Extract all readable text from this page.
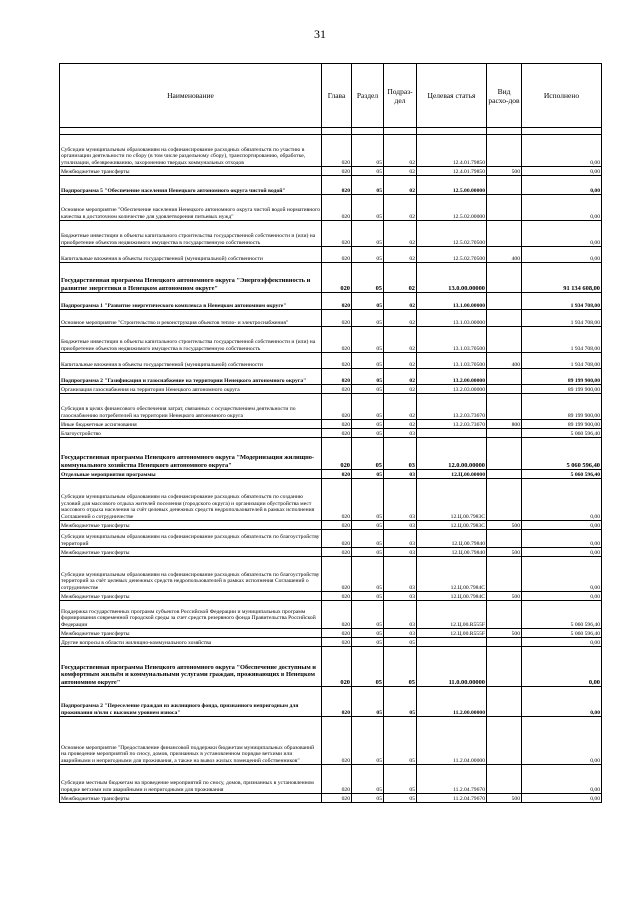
31
Наименование	Глава	Раздел	Подраз-дел	Целевая статья	Вид расхо-дов	Исполнено

Субсидии муниципальным образованиям на софинансирование расходных обязательств по участию в организации деятельности по сбору (в том числе раздельному сбору), транспортированию, обработке, утилизации, обезвреживанию, захоронению твердых коммунальных отходов	020	05	02	12.4.01.79850		0,00
Межбюджетные трансферты	020	05	02	12.4.01.79850	500	0,00
Подпрограмма 5 "Обеспечение населения Ненецкого автономного округа чистой водой"	020	05	02	12.5.00.00000		0,00
Основное мероприятие "Обеспечение населения Ненецкого автономного округа чистой водой нормативного качества в достаточном количестве для удовлетворения питьевых нужд"	020	05	02	12.5.02.00000		0,00
Бюджетные инвестиции в объекты капитального строительства государственной собственности и (или) на приобретение объектов недвижимого имущества в государственную собственность	020	05	02	12.5.02.70500		0,00
Капитальные вложения в объекты государственной (муниципальной) собственности	020	05	02	12.5.02.70500	400	0,00
Государственная программа Ненецкого автономного округа "Энергоэффективность и развитие энергетики в Ненецком автономном округе"	020	05	02	13.0.00.00000		91 134 608,00
Подпрограмма 1 "Развитие энергетического комплекса в Ненецком автономном округе"	020	05	02	13.1.00.00000		1 934 708,00
Основное мероприятие "Строительство и реконструкция объектов тепло- и электроснабжения"	020	05	02	13.1.03.00000		1 934 708,00
Бюджетные инвестиции в объекты капитального строительства государственной собственности и (или) на приобретение объектов недвижимого имущества в государственную собственность	020	05	02	13.1.03.70500		1 934 708,00
Капитальные вложения в объекты государственной (муниципальной) собственности	020	05	02	13.1.03.70500	400	1 934 708,00
Подпрограмма 2 "Газификация и газоснабжение на территории Ненецкого автономного округа"	020	05	02	13.2.00.00000		89 199 900,00
Организация газоснабжения на территории Ненецкого автономного округа	020	05	02	13.2.03.00000		89 199 900,00
Субсидия в целях финансового обеспечения затрат, связанных с осуществлением деятельности по газоснабжению потребителей на территории Ненецкого автономного округа	020	05	02	13.2.03.73670		89 199 900,00
Иные бюджетные ассигнования	020	05	02	13.2.03.73670	800	89 199 900,00
Благоустройство	020	05	03			5 060 596,40
Государственная программа Ненецкого автономного округа "Модернизация жилищно-коммунального хозяйства Ненецкого автономного округа"	020	05	03	12.0.00.00000		5 060 596,40
Отдельные мероприятия программы	020	05	03	12.Ц.00.00000		5 060 596,40
Субсидии муниципальным образованиям на софинансирование расходных обязательств по созданию условий для массового отдыха жителей поселения (городского округа) и организации обустройства мест массового отдыха населения за счёт целевых денежных средств недропользователей в рамках исполнения Соглашений о сотрудничестве	020	05	03	12.Ц.00.7983С		0,00
Межбюджетные трансферты	020	05	03	12.Ц.00.7983С	500	0,00
Субсидии муниципальным образованиям на софинансирование расходных обязательств по благоустройству территорий	020	05	03	12.Ц.00.79840		0,00
Межбюджетные трансферты	020	05	03	12.Ц.00.79840	500	0,00
Субсидии муниципальным образованиям на софинансирование расходных обязательств по благоустройству территорий за счёт целевых денежных средств недропользователей в рамках исполнения Соглашений о сотрудничестве	020	05	03	12.Ц.00.7984С		0,00
Межбюджетные трансферты	020	05	03	12.Ц.00.7984С	500	0,00
Поддержка государственных программ субъектов Российской Федерации и муниципальных программ формирования современной городской среды за счет средств резервного фонда Правительства Российской Федерации	020	05	03	12.Ц.00.R555F		5 060 596,40
Межбюджетные трансферты	020	05	03	12.Ц.00.R555F	500	5 060 596,40
Другие вопросы в области жилищно-коммунального хозяйства	020	05	05			0,00
Государственная программа Ненецкого автономного округа "Обеспечение доступным и комфортным жильём и коммунальными услугами граждан, проживающих в Ненецком автономном округе"	020	05	05	11.0.00.00000		0,00
Подпрограмма 2 "Переселение граждан из жилищного фонда, признанного непригодным для проживания и/или с высоким уровнем износа"	020	05	05	11.2.00.00000		0,00
Основное мероприятие "Предоставление финансовой поддержки бюджетам муниципальных образований на проведение мероприятий по сносу, домов, признанных в установленном порядке ветхими или аварийными и непригодными для проживания, а также на вывоз жилых помещений собственников"	020	05	05	11.2.04.00000		0,00
Субсидии местным бюджетам на проведение мероприятий по сносу, домов, признанных в установленном порядке ветхими или аварийными и непригодными для проживания	020	05	05	11.2.04.79670		0,00
Межбюджетные трансферты	020	05	05	11.2.04.79670	500	0,00
